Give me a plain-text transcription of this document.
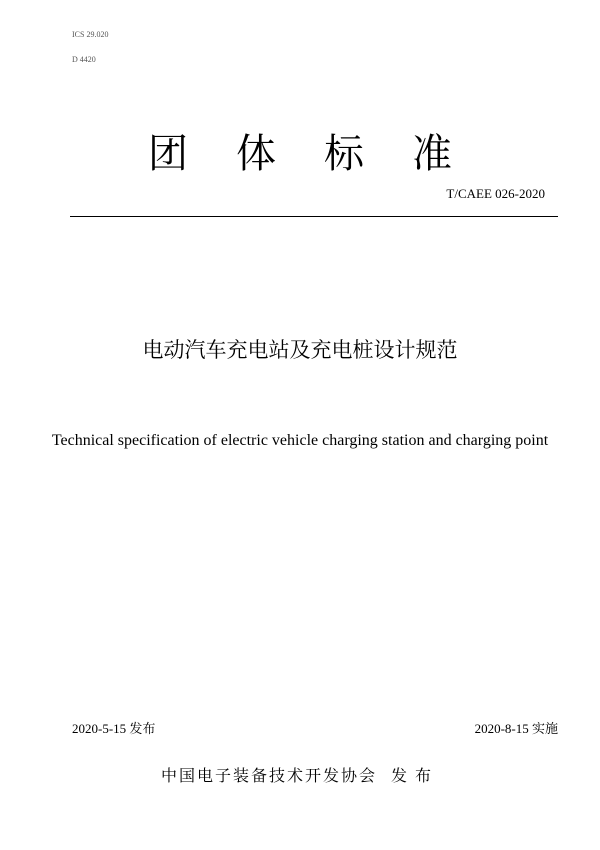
ICS 29.020
D 4420
团体标准
T/CAEE 026-2020
电动汽车充电站及充电桩设计规范
Technical specification of electric vehicle charging station and charging point
2020-5-15 发布	2020-8-15 实施
中国电子装备技术开发协会 发布
